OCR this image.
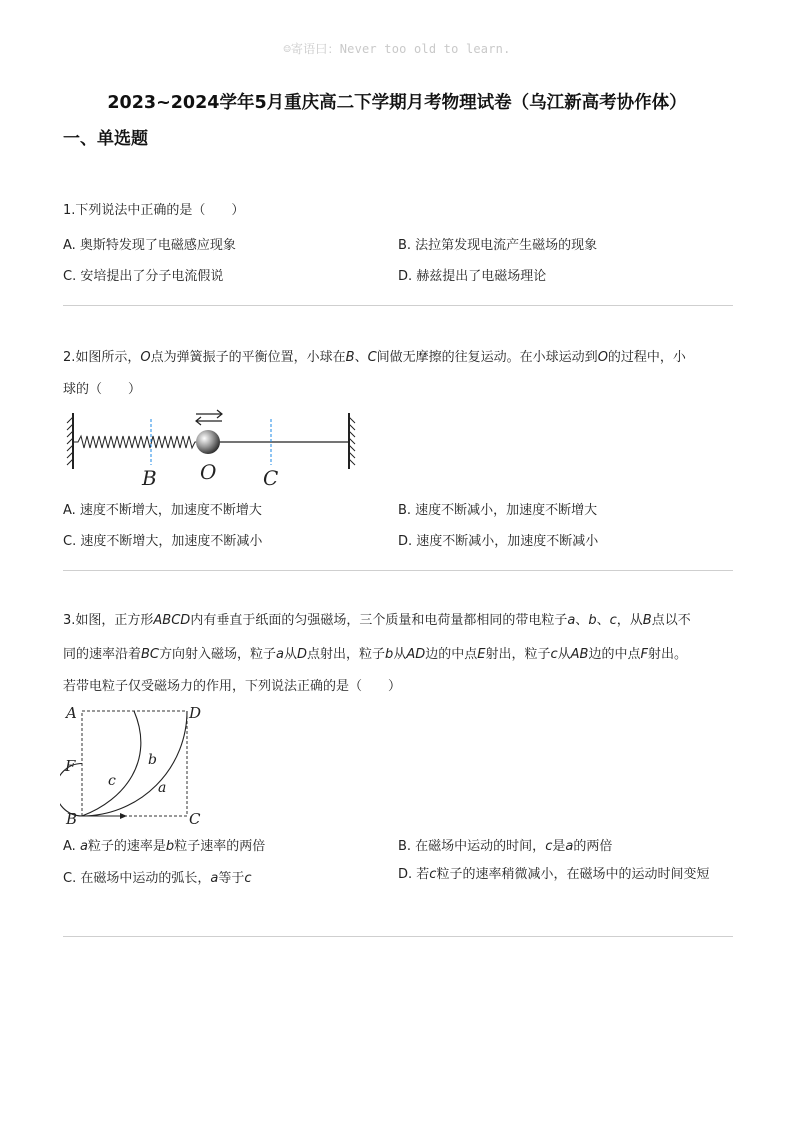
☺寄语曰：Never too old to learn.
2023~2024学年5月重庆高二下学期月考物理试卷（乌江新高考协作体）
一、单选题
1.下列说法中正确的是（　　）
A. 奥斯特发现了电磁感应现象	B. 法拉第发现电流产生磁场的现象
C. 安培提出了分子电流假说	D. 赫兹提出了电磁场理论
2.如图所示，O点为弹簧振子的平衡位置，小球在B、C间做无摩擦的往复运动。在小球运动到O的过程中，小
球的（　　）
B O C
A. 速度不断增大，加速度不断增大	B. 速度不断减小，加速度不断增大
C. 速度不断增大，加速度不断减小	D. 速度不断减小，加速度不断减小
3.如图，正方形ABCD内有垂直于纸面的匀强磁场，三个质量和电荷量都相同的带电粒子a、b、c，从B点以不
同的速率沿着BC方向射入磁场，粒子a从D点射出，粒子b从AD边的中点E射出，粒子c从AB边的中点F射出。
若带电粒子仅受磁场力的作用，下列说法正确的是（　　）
A	D
F
B	C
c
b
a
A. a粒子的速率是b粒子速率的两倍	B. 在磁场中运动的时间，c是a的两倍
C. 在磁场中运动的弧长，a等于c	D. 若c粒子的速率稍微减小，在磁场中的运动时间变短
